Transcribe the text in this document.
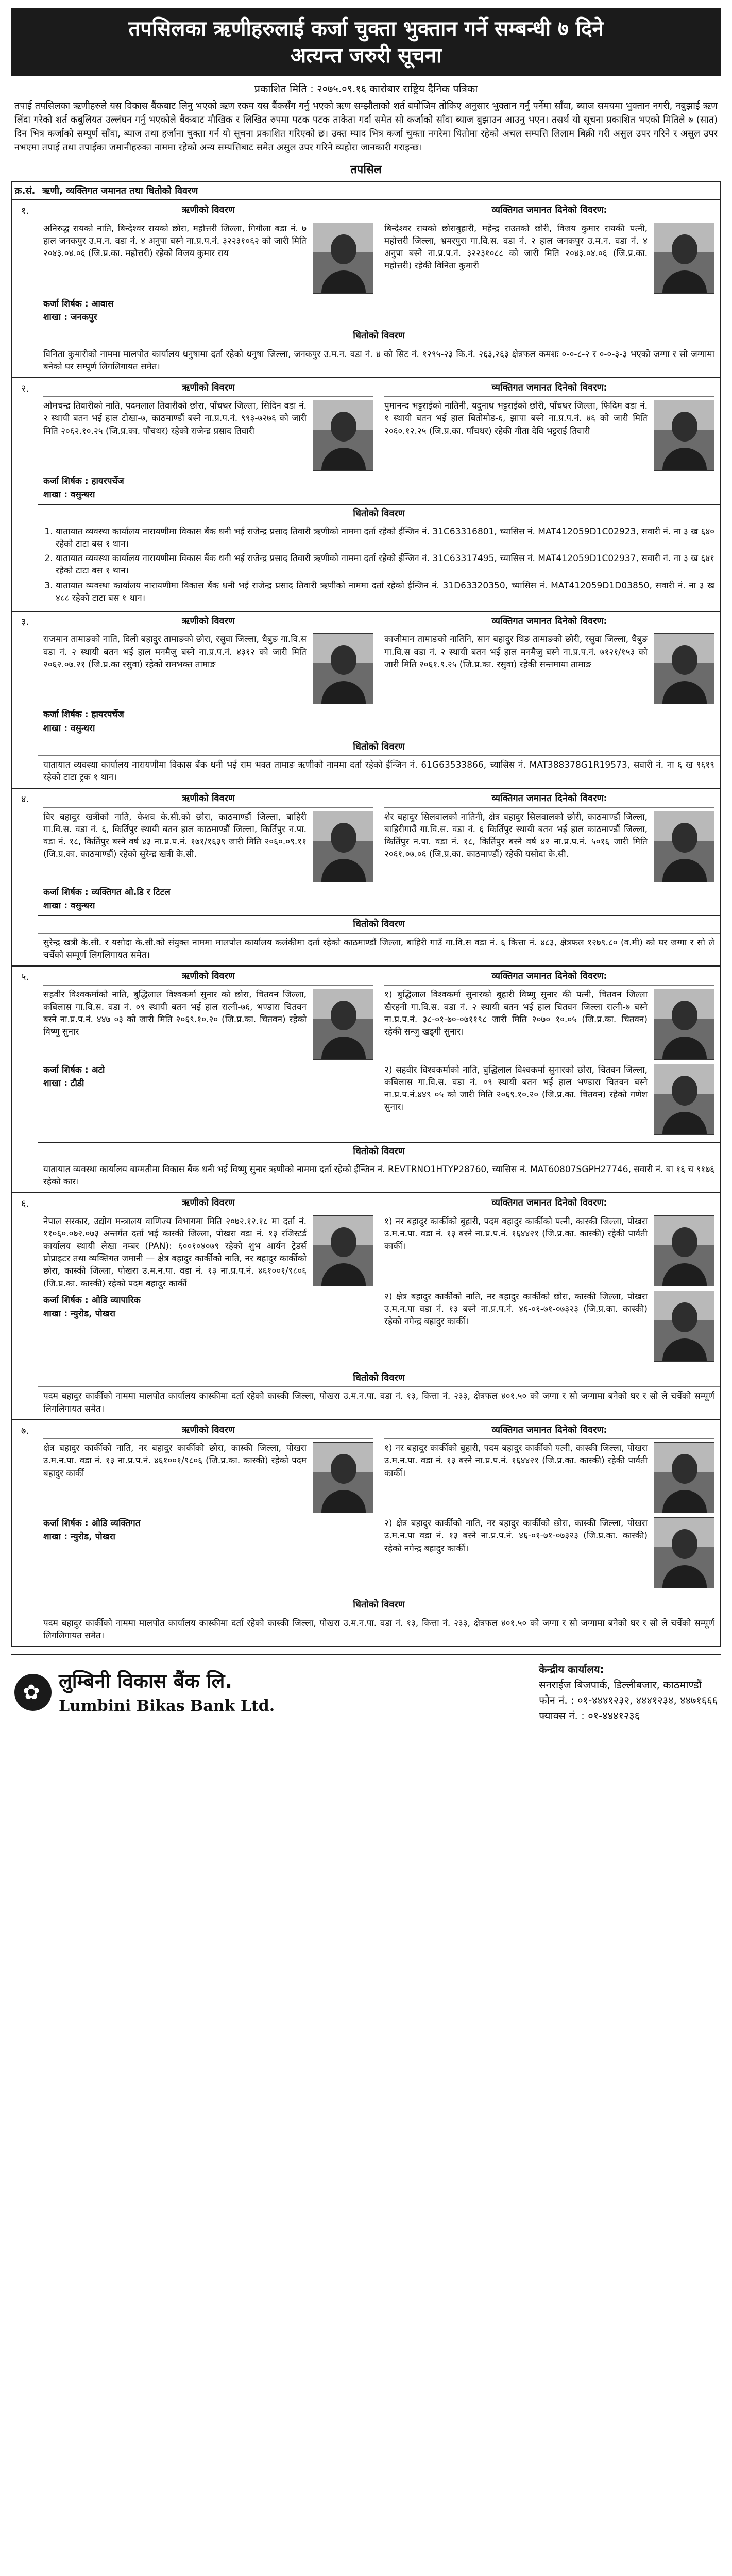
तपसिलका ऋणीहरुलाई कर्जा चुक्ता भुक्तान गर्ने सम्बन्धी ७ दिने
अत्यन्त जरुरी सूचना
प्रकाशित मिति : २०७५.०९.१६ कारोबार राष्ट्रिय दैनिक पत्रिका
तपाई तपसिलका ऋणीहरुले यस विकास बैंकबाट लिनु भएको ऋण रकम यस बैंकसँग गर्नु भएको ऋण सम्झौताको शर्त बमोजिम तोकिए अनुसार भुक्तान गर्नु पर्नेमा साँवा, ब्याज समयमा भुक्तान नगरी, नबुझाई ऋण लिंदा गरेको शर्त कबुलियत उल्लंघन गर्नु भएकोले बैंकबाट मौखिक र लिखित रुपमा पटक पटक ताकेता गर्दा समेत सो कर्जाको साँवा ब्याज बुझाउन आउनु भएन। तसर्थ यो सूचना प्रकाशित भएको मितिले ७ (सात) दिन भित्र कर्जाको सम्पूर्ण साँवा, ब्याज तथा हर्जाना चुक्ता गर्न यो सूचना प्रकाशित गरिएको छ। उक्त म्याद भित्र कर्जा चुक्ता नगरेमा धितोमा रहेको अचल सम्पत्ति लिलाम बिक्री गरी असुल उपर गरिने र असुल उपर नभएमा तपाई तथा तपाईका जमानीहरुका नाममा रहेको अन्य सम्पत्तिबाट समेत असुल उपर गरिने व्यहोरा जानकारी गराइन्छ।
तपसिल
क्र.सं. ऋणी, व्यक्तिगत जमानत तथा धितोको विवरण
१.	ऋणीको विवरण
अनिरुद्ध रायको नाति, बिन्देश्वर रायको छोरा, महोत्तरी जिल्ला, गिगौला बडा नं. ७ हाल जनकपुर उ.म.न. वडा नं. ४ अनुपा बस्ने ना.प्र.प.नं. ३२२३१०६२ को जारी मिति २०४३.०४.०६ (जि.प्र.का. महोत्तरी) रहेको विजय कुमार राय
कर्जा शिर्षक : आवास
शाखा : जनकपुर
व्यक्तिगत जमानत दिनेको विवरण:
बिन्देश्वर रायको छोराबुहारी, महेन्द्र राउतको छोरी, विजय कुमार रायकी पत्नी, महोत्तरी जिल्ला, भ्रमरपुरा गा.वि.स. वडा नं. २ हाल जनकपुर उ.म.न. वडा नं. ४ अनुपा बस्ने ना.प्र.प.नं. ३२२३१०८८ को जारी मिति २०४३.०४.०६ (जि.प्र.का. महोत्तरी) रहेकी विनिता कुमारी
धितोको विवरण
विनिता कुमारीको नाममा मालपोत कार्यालय धनुषामा दर्ता रहेको धनुषा जिल्ला, जनकपुर उ.म.न. वडा नं. ४ को सिट नं. १२९५-२३ कि.नं. २६३,२६३ क्षेत्रफल कमशः ०-०-८-२ र ०-०-३-३ भएको जग्गा र सो जग्गामा बनेको घर सम्पूर्ण लिगलिगायत समेत।
२.	ऋणीको विवरण
ओमचन्द्र तिवारीको नाति, पदमलाल तिवारीको छोरा, पाँचथर जिल्ला, सिदिन वडा नं. २ स्थायी बतन भई हाल टोखा-७, काठमाण्डौं बस्ने ना.प्र.प.नं. ९९३-७२७६ को जारी मिति २०६२.१०.२५ (जि.प्र.का. पाँचथर) रहेको राजेन्द्र प्रसाद तिवारी
कर्जा शिर्षक : हायरपर्चेज
शाखा : वसुन्धरा
व्यक्तिगत जमानत दिनेको विवरण:
पुमानन्द भट्टराईको नातिनी, यदुनाथ भट्टराईको छोरी, पाँचथर जिल्ला, फिदिम वडा नं. १ स्थायी बतन भई हाल बितोमोड-६, झापा बस्ने ना.प्र.प.नं. ४६ को जारी मिति २०६०.१२.२५ (जि.प्र.का. पाँचथर) रहेकी गीता देवि भट्टराई तिवारी
धितोको विवरण
1. यातायात व्यवस्था कार्यालय नारायणीमा विकास बैंक धनी भई राजेन्द्र प्रसाद तिवारी ऋणीको नाममा दर्ता रहेको ईन्जिन नं. 31C63316801, च्यासिस नं. MAT412059D1C02923, सवारी नं. ना ३ ख ६४० रहेको टाटा बस १ थान।
2. यातायात व्यवस्था कार्यालय नारायणीमा विकास बैंक धनी भई राजेन्द्र प्रसाद तिवारी ऋणीको नाममा दर्ता रहेको ईन्जिन नं. 31C63317495, च्यासिस नं. MAT412059D1C02937, सवारी नं. ना ३ ख ६४१ रहेको टाटा बस १ थान।
3. यातायात व्यवस्था कार्यालय नारायणीमा विकास बैंक धनी भई राजेन्द्र प्रसाद तिवारी ऋणीको नाममा दर्ता रहेको ईन्जिन नं. 31D63320350, च्यासिस नं. MAT412059D1D03850, सवारी नं. ना ३ ख ४८८ रहेको टाटा बस १ थान।
३.	ऋणीको विवरण
राजमान तामाङको नाति, दिली बहादुर तामाङको छोरा, रसुवा जिल्ला, धैबुङ गा.वि.स वडा नं. २ स्थायी बतन भई हाल मनमैजु बस्ने ना.प्र.प.नं. ४३१२ को जारी मिति २०६२.०७.२१ (जि.प्र.का रसुवा) रहेको रामभक्त तामाङ
कर्जा शिर्षक : हायरपर्चेज
शाखा : वसुन्धरा
व्यक्तिगत जमानत दिनेको विवरण:
काजीमान तामाङको नातिनि, सान बहादुर थिङ तामाङको छोरी, रसुवा जिल्ला, धैबुङ गा.वि.स वडा नं. २ स्थायी बतन भई हाल मनमैजु बस्ने ना.प्र.प.नं. ७१२१/१५३ को जारी मिति २०६१.९.२५ (जि.प्र.का. रसुवा) रहेकी सन्तमाया तामाङ
धितोको विवरण
यातायात व्यवस्था कार्यालय नारायणीमा विकास बैंक धनी भई राम भक्त तामाङ ऋणीको नाममा दर्ता रहेको ईन्जिन नं. 61G63533866, च्यासिस नं. MAT388378G1R19573, सवारी नं. ना ६ ख ९६१९ रहेको टाटा ट्रक १ थान।
४.	ऋणीको विवरण
विर बहादुर खत्रीको नाति, केशव के.सी.को छोरा, काठमाण्डौं जिल्ला, बाहिरी गा.वि.स. वडा नं. ६, किर्तिपुर स्थायी बतन हाल काठमाण्डौं जिल्ला, किर्तिपुर न.पा. वडा नं. १८, किर्तिपुर बस्ने वर्ष ४३ ना.प्र.प.नं. १७१/१६३९ जारी मिति २०६०.०९.११ (जि.प्र.का. काठमाण्डौं) रहेको सुरेन्द्र खत्री के.सी.
कर्जा शिर्षक : व्यक्तिगत ओ.डि र टिटल
शाखा : वसुन्धरा
व्यक्तिगत जमानत दिनेको विवरण:
शेर बहादुर सिलवालको नातिनी, क्षेत्र बहादुर सिलवालको छोरी, काठमाण्डौं जिल्ला, बाहिरीगाउँ गा.वि.स. वडा नं. ६ किर्तिपुर स्थायी बतन भई हाल काठमाण्डौं जिल्ला, किर्तिपुर न.पा. वडा नं. १८, किर्तिपुर बस्ने वर्ष ४२ ना.प्र.प.नं. ५०१६ जारी मिति २०६१.०७.०६ (जि.प्र.का. काठमाण्डौं) रहेकी यसोदा के.सी.
धितोको विवरण
सुरेन्द्र खत्री के.सी. र यसोदा के.सी.को संयुक्त नाममा मालपोत कार्यालय कलंकीमा दर्ता रहेको काठमाण्डौं जिल्ला, बाहिरी गाउँ गा.वि.स वडा नं. ६ कित्ता नं. ४८३, क्षेत्रफल १२७९.८० (व.मी) को घर जग्गा र सो ले चर्चेको सम्पूर्ण लिगलिगायत समेत।
५.	ऋणीको विवरण
सहवीर विश्वकर्माको नाति, बुद्धिलाल विश्वकर्मा सुनार को छोरा, चितवन जिल्ला, कबिलास गा.वि.स. वडा नं. ०९ स्थायी बतन भई हाल रात्नी-७६, भण्डारा चितवन बस्ने ना.प्र.प.नं. ४४७ ०३ को जारी मिति २०६९.१०.२० (जि.प्र.का. चितवन) रहेको विष्णु सुनार
कर्जा शिर्षक : अटो
शाखा : टौडी
व्यक्तिगत जमानत दिनेको विवरण:
१) बुद्धिलाल विश्वकर्मा सुनारको बुहारी विष्णु सुनार की पत्नी, चितवन जिल्ला खैरहनी गा.वि.स. वडा नं. २ स्थायी बतन भई हाल चितवन जिल्ला रात्नी-७ बस्ने ना.प्र.प.नं. ३८-०१-७०-०७११९८ जारी मिति २०७० १०.०५ (जि.प्र.का. चितवन) रहेकी सन्जु खड्गी सुनार।
२) सहवीर विश्वकर्माको नाति, बुद्धिलाल विश्वकर्मा सुनारको छोरा, चितवन जिल्ला, कबिलास गा.वि.स. वडा नं. ०९ स्थायी बतन भई हाल भण्डारा चितवन बस्ने ना.प्र.प.नं.४४९ ०५ को जारी मिति २०६९.१०.२० (जि.प्र.का. चितवन) रहेको गणेश सुनार।
धितोको विवरण
यातायात व्यवस्था कार्यालय बाग्मतीमा विकास बैंक धनी भई विष्णु सुनार ऋणीको नाममा दर्ता रहेको ईन्जिन नं. REVTRNO1HTYP28760, च्यासिस नं. MAT60807SGPH27746, सवारी नं. बा १६ च ९१७६ रहेको कार।
६.	ऋणीको विवरण
नेपाल सरकार, उद्योग मन्त्रालय वाणिज्य विभागमा मिति २०७२.१२.१८ मा दर्ता नं. ११०६०.०७२.०७३ अन्तर्गत दर्ता भई कास्की जिल्ला, पोखरा वडा नं. १३ रजिस्टर्ड कार्यालय स्थायी लेखा नम्बर (PAN): ६००१०४०७९ रहेको शुभ आर्यन ट्रेडर्स प्रोप्राइटर तथा व्यक्तिगत जमानी — क्षेत्र बहादुर कार्कीको नाति, नर बहादुर कार्कीको छोरा, कास्की जिल्ला, पोखरा उ.म.न.पा. वडा नं. १३ ना.प्र.प.नं. ४६१००१/९८०६ (जि.प्र.का. कास्की) रहेको पदम बहादुर कार्की
कर्जा शिर्षक : ओडि व्यापारिक
शाखा : न्युरोड, पोखरा
व्यक्तिगत जमानत दिनेको विवरण:
१) नर बहादुर कार्कीको बुहारी, पदम बहादुर कार्कीको पत्नी, कास्की जिल्ला, पोखरा उ.म.न.पा. वडा नं. १३ बस्ने ना.प्र.प.नं. १६४४२१ (जि.प्र.का. कास्की) रहेकी पार्वती कार्की।
२) क्षेत्र बहादुर कार्कीको नाति, नर बहादुर कार्कीको छोरा, कास्की जिल्ला, पोखरा उ.म.न.पा वडा नं. १३ बस्ने ना.प्र.प.नं. ४६-०१-७१-०७३२३ (जि.प्र.का. कास्की) रहेको नगेन्द्र बहादुर कार्की।
धितोको विवरण
पदम बहादुर कार्कीको नाममा मालपोत कार्यालय कास्कीमा दर्ता रहेको कास्की जिल्ला, पोखरा उ.म.न.पा. वडा नं. १३, कित्ता नं. २३३, क्षेत्रफल ४०१.५० को जग्गा र सो जग्गामा बनेको घर र सो ले चर्चेको सम्पूर्ण लिगलिगायत समेत।
७.	ऋणीको विवरण
क्षेत्र बहादुर कार्कीको नाति, नर बहादुर कार्कीको छोरा, कास्की जिल्ला, पोखरा उ.म.न.पा. वडा नं. १३ ना.प्र.प.नं. ४६१००१/९८०६ (जि.प्र.का. कास्की) रहेको पदम बहादुर कार्की
कर्जा शिर्षक : ओडि व्यक्तिगत
शाखा : न्युरोड, पोखरा
व्यक्तिगत जमानत दिनेको विवरण:
१) नर बहादुर कार्कीको बुहारी, पदम बहादुर कार्कीको पत्नी, कास्की जिल्ला, पोखरा उ.म.न.पा. वडा नं. १३ बस्ने ना.प्र.प.नं. १६४४२१ (जि.प्र.का. कास्की) रहेकी पार्वती कार्की।
२) क्षेत्र बहादुर कार्कीको नाति, नर बहादुर कार्कीको छोरा, कास्की जिल्ला, पोखरा उ.म.न.पा वडा नं. १३ बस्ने ना.प्र.प.नं. ४६-०१-७१-०७३२३ (जि.प्र.का. कास्की) रहेको नगेन्द्र बहादुर कार्की।
धितोको विवरण
पदम बहादुर कार्कीको नाममा मालपोत कार्यालय कास्कीमा दर्ता रहेको कास्की जिल्ला, पोखरा उ.म.न.पा. वडा नं. १३, कित्ता नं. २३३, क्षेत्रफल ४०१.५० को जग्गा र सो जग्गामा बनेको घर र सो ले चर्चेको सम्पूर्ण लिगलिगायत समेत।
✿
लुम्बिनी विकास बैंक लि.
Lumbini Bikas Bank Ltd.
केन्द्रीय कार्यालय:
सनराईज बिजपार्क, डिल्लीबजार, काठमाण्डौं
फोन नं. : ०१-४४४१२३२, ४४४१२३४, ४४७१६६६
फ्याक्स नं. : ०१-४४४१२३६
